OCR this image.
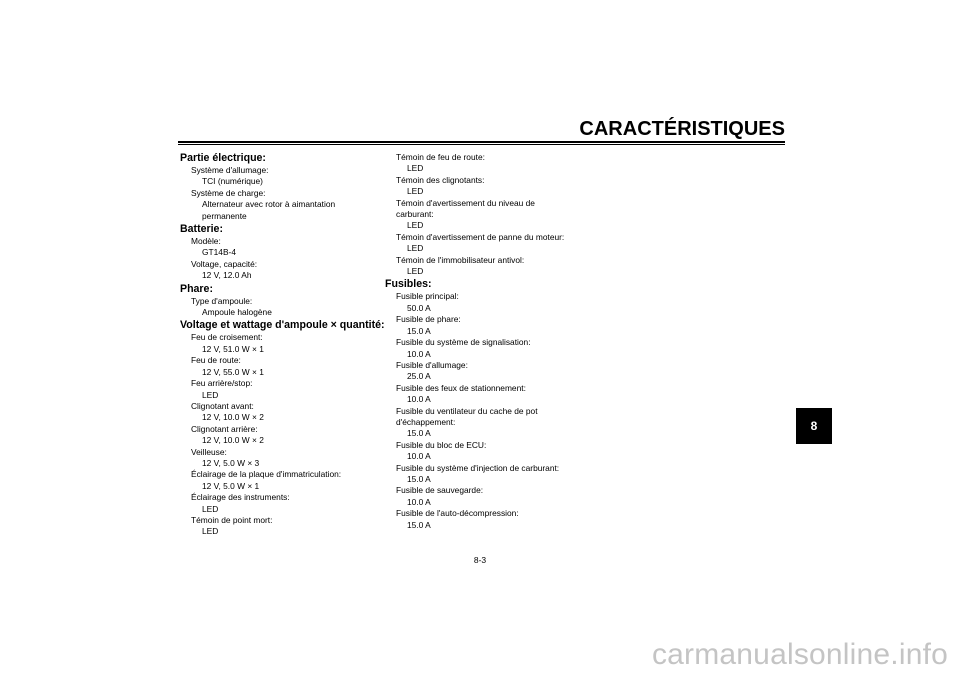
CARACTÉRISTIQUES
Partie électrique:
Système d'allumage:
TCI (numérique)
Système de charge:
Alternateur avec rotor à aimantation
permanente
Batterie:
Modèle:
GT14B-4
Voltage, capacité:
12 V, 12.0 Ah
Phare:
Type d'ampoule:
Ampoule halogène
Voltage et wattage d'ampoule × quantité:
Feu de croisement:
12 V, 51.0 W × 1
Feu de route:
12 V, 55.0 W × 1
Feu arrière/stop:
LED
Clignotant avant:
12 V, 10.0 W × 2
Clignotant arrière:
12 V, 10.0 W × 2
Veilleuse:
12 V, 5.0 W × 3
Éclairage de la plaque d'immatriculation:
12 V, 5.0 W × 1
Éclairage des instruments:
LED
Témoin de point mort:
LED
Témoin de feu de route:
LED
Témoin des clignotants:
LED
Témoin d'avertissement du niveau de
carburant:
LED
Témoin d'avertissement de panne du moteur:
LED
Témoin de l'immobilisateur antivol:
LED
Fusibles:
Fusible principal:
50.0 A
Fusible de phare:
15.0 A
Fusible du système de signalisation:
10.0 A
Fusible d'allumage:
25.0 A
Fusible des feux de stationnement:
10.0 A
Fusible du ventilateur du cache de pot
d'échappement:
15.0 A
Fusible du bloc de ECU:
10.0 A
Fusible du système d'injection de carburant:
15.0 A
Fusible de sauvegarde:
10.0 A
Fusible de l'auto-décompression:
15.0 A
8
8-3
carmanualsonline.info
